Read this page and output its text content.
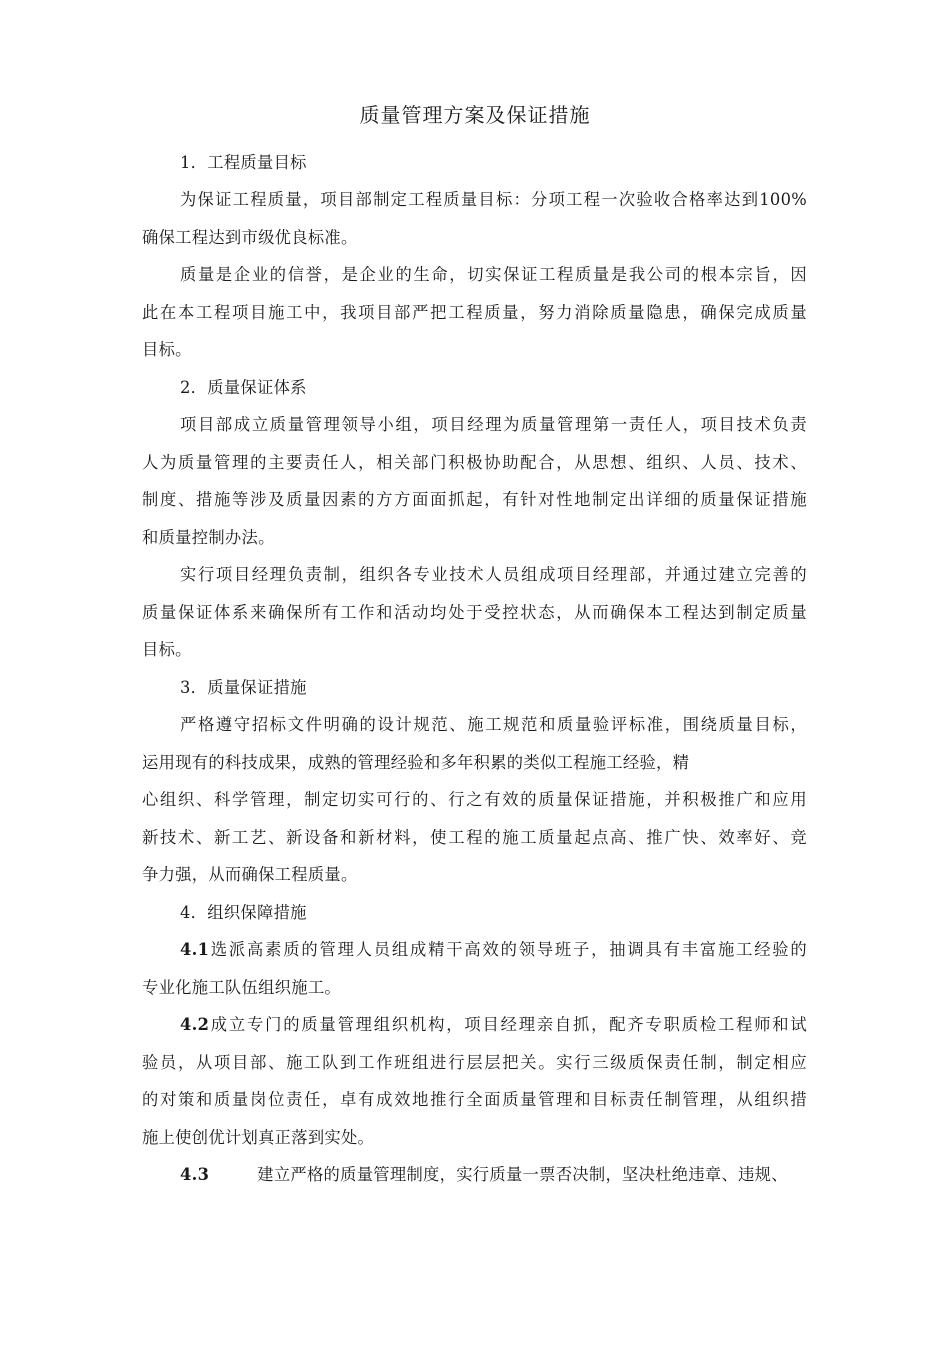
质量管理方案及保证措施
1．工程质量目标
为保证工程质量，项目部制定工程质量目标：分项工程一次验收合格率达到100%
确保工程达到市级优良标准。
质量是企业的信誉，是企业的生命，切实保证工程质量是我公司的根本宗旨，因
此在本工程项目施工中，我项目部严把工程质量，努力消除质量隐患，确保完成质量
目标。
2．质量保证体系
项目部成立质量管理领导小组，项目经理为质量管理第一责任人，项目技术负责
人为质量管理的主要责任人，相关部门积极协助配合，从思想、组织、人员、技术、
制度、措施等涉及质量因素的方方面面抓起，有针对性地制定出详细的质量保证措施
和质量控制办法。
实行项目经理负责制，组织各专业技术人员组成项目经理部，并通过建立完善的
质量保证体系来确保所有工作和活动均处于受控状态，从而确保本工程达到制定质量
目标。
3．质量保证措施
严格遵守招标文件明确的设计规范、施工规范和质量验评标准，围绕质量目标，
运用现有的科技成果，成熟的管理经验和多年积累的类似工程施工经验，精
心组织、科学管理，制定切实可行的、行之有效的质量保证措施，并积极推广和应用
新技术、新工艺、新设备和新材料，使工程的施工质量起点高、推广快、效率好、竞
争力强，从而确保工程质量。
4．组织保障措施
4.1选派高素质的管理人员组成精干高效的领导班子，抽调具有丰富施工经验的
专业化施工队伍组织施工。
4.2成立专门的质量管理组织机构，项目经理亲自抓，配齐专职质检工程师和试
验员，从项目部、施工队到工作班组进行层层把关。实行三级质保责任制，制定相应
的对策和质量岗位责任，卓有成效地推行全面质量管理和目标责任制管理，从组织措
施上使创优计划真正落到实处。
4.3	建立严格的质量管理制度，实行质量一票否决制，坚决杜绝违章、违规、
